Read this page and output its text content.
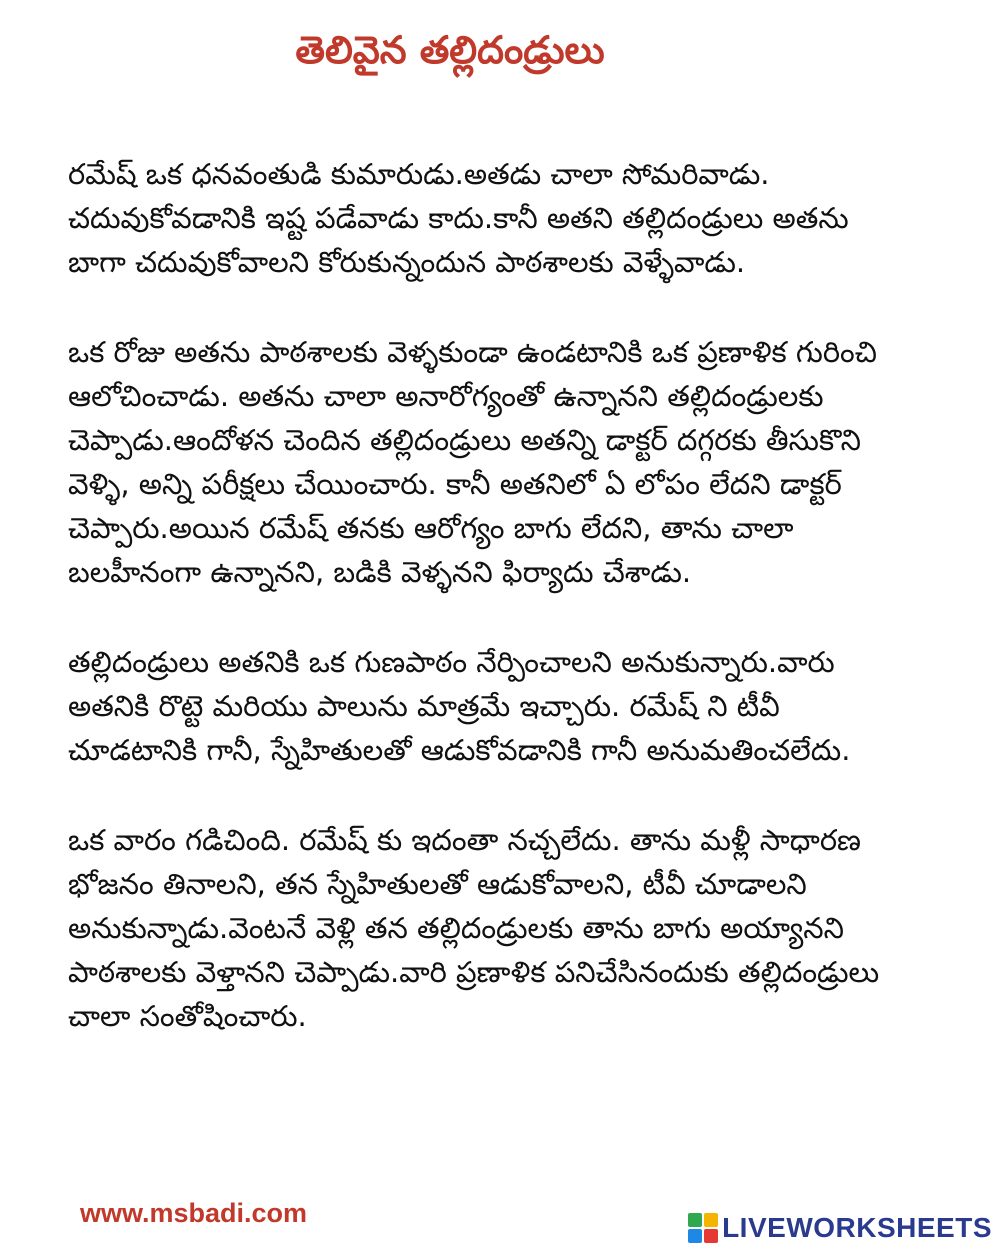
తెలివైన తల్లిదండ్రులు
రమేష్ ఒక ధనవంతుడి కుమారుడు.అతడు చాలా సోమరివాడు.
చదువుకోవడానికి ఇష్ట పడేవాడు కాదు.కానీ అతని తల్లిదండ్రులు అతను
బాగా చదువుకోవాలని కోరుకున్నందున పాఠశాలకు వెళ్ళేవాడు.
ఒక రోజు అతను పాఠశాలకు వెళ్ళకుండా ఉండటానికి ఒక ప్రణాళిక గురించి
ఆలోచించాడు. అతను చాలా అనారోగ్యంతో ఉన్నానని తల్లిదండ్రులకు
చెప్పాడు.ఆందోళన చెందిన తల్లిదండ్రులు అతన్ని డాక్టర్ దగ్గరకు తీసుకొని
వెళ్ళి, అన్ని పరీక్షలు చేయించారు. కానీ అతనిలో ఏ లోపం లేదని డాక్టర్
చెప్పారు.అయిన రమేష్ తనకు ఆరోగ్యం బాగు లేదని, తాను చాలా
బలహీనంగా ఉన్నానని, బడికి వెళ్ళనని ఫిర్యాదు చేశాడు.
తల్లిదండ్రులు అతనికి ఒక గుణపాఠం నేర్పించాలని అనుకున్నారు.వారు
అతనికి రొట్టె మరియు పాలును మాత్రమే ఇచ్చారు. రమేష్ ని టీవీ
చూడటానికి గానీ, స్నేహితులతో ఆడుకోవడానికి గానీ అనుమతించలేదు.
ఒక వారం గడిచింది. రమేష్ కు ఇదంతా నచ్చలేదు. తాను మళ్లీ సాధారణ
భోజనం తినాలని, తన స్నేహితులతో ఆడుకోవాలని, టీవీ చూడాలని
అనుకున్నాడు.వెంటనే వెళ్లి తన తల్లిదండ్రులకు తాను బాగు అయ్యానని
పాఠశాలకు వెళ్తానని చెప్పాడు.వారి ప్రణాళిక పనిచేసినందుకు తల్లిదండ్రులు
చాలా సంతోషించారు.
www.msbadi.com	LIVEWORKSHEETS
